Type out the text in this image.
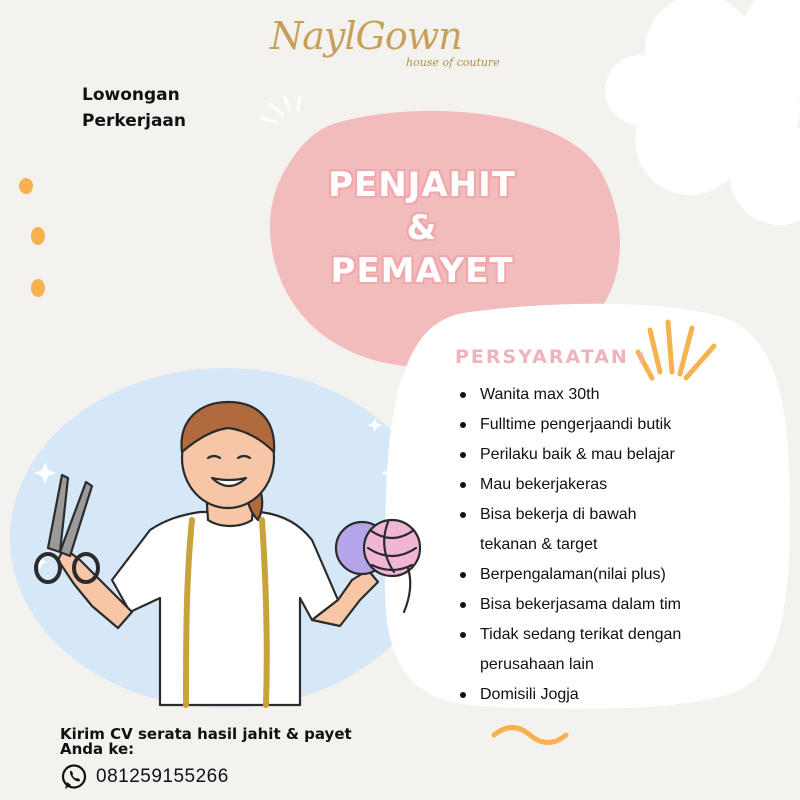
NaylGown
house of couture
Lowongan
Perkerjaan
PENJAHIT
&
PEMAYET
PERSYARATAN :
Wanita max 30th
Fulltime pengerjaandi butik
Perilaku baik & mau belajar
Mau bekerjakeras
Bisa bekerja di bawah tekanan & target
Berpengalaman(nilai plus)
Bisa bekerjasama dalam tim
Tidak sedang terikat dengan perusahaan lain
Domisili Jogja
Kirim CV serata hasil jahit & payet
Anda ke:
081259155266
